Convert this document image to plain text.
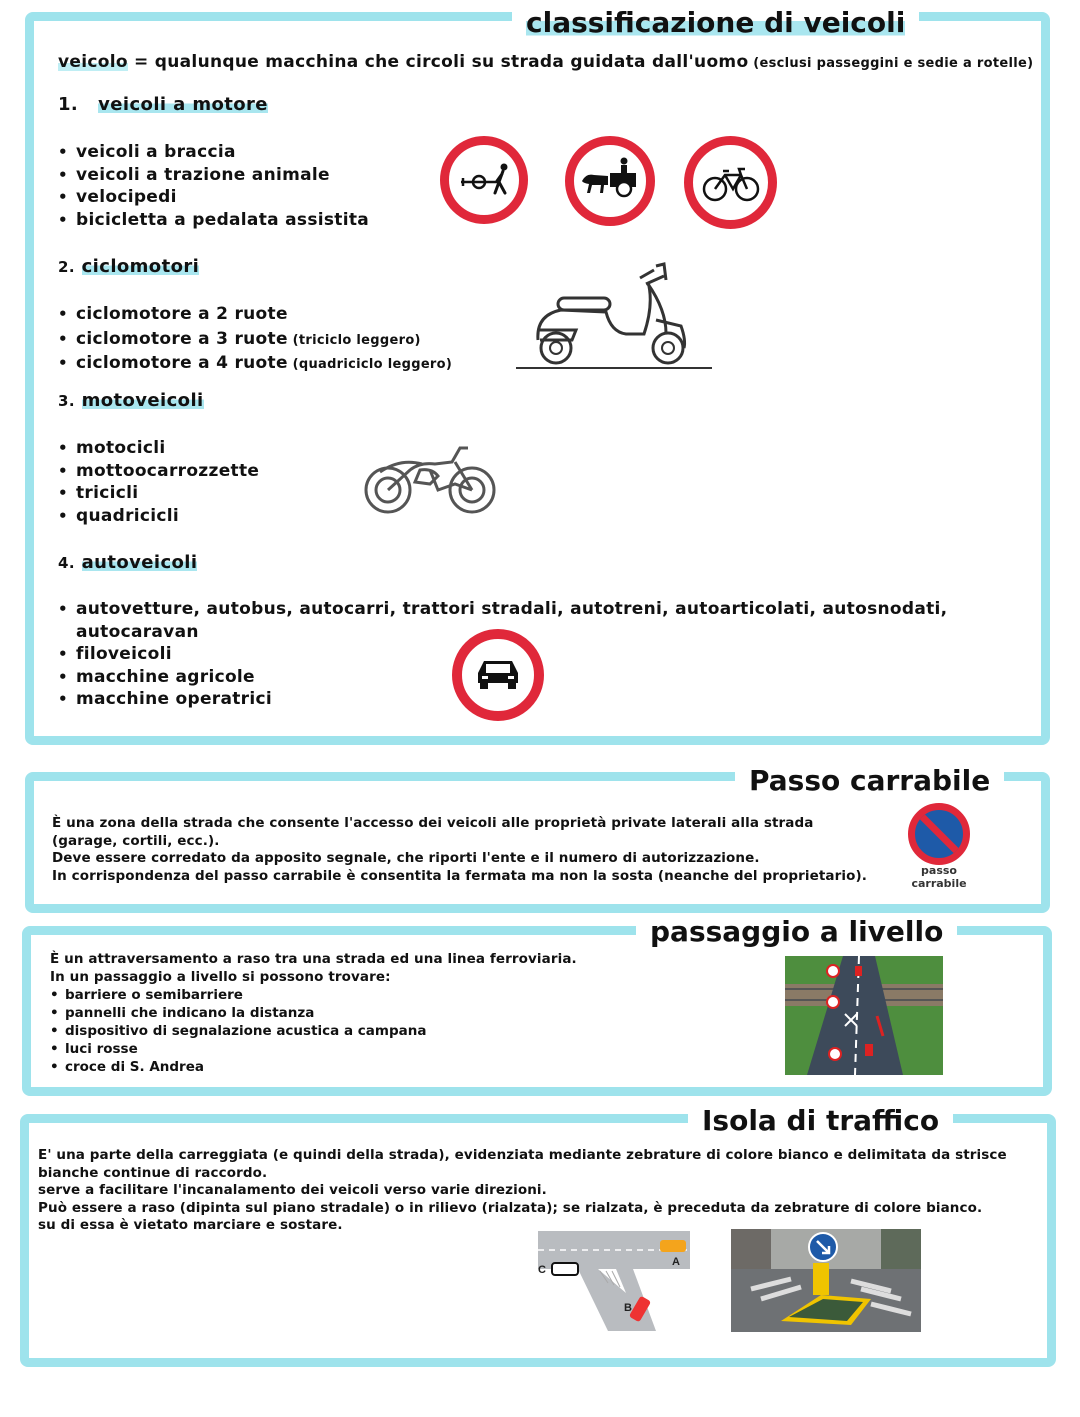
classificazione di veicoli
veicolo = qualunque macchina che circoli su strada guidata dall'uomo (esclusi passeggini e sedie a rotelle)
1. veicoli a motore
• veicoli a braccia
• veicoli a trazione animale
• velocipedi
• bicicletta a pedalata assistita
2. ciclomotori
• ciclomotore a 2 ruote
• ciclomotore a 3 ruote (triciclo leggero)
• ciclomotore a 4 ruote (quadriciclo leggero)
3. motoveicoli
• motocicli
• mottoocarrozzette
• tricicli
• quadricicli
4. autoveicoli
• autovetture, autobus, autocarri, trattori stradali, autotreni, autoarticolati, autosnodati,
autocaravan
• filoveicoli
• macchine agricole
• macchine operatrici
Passo carrabile
È una zona della strada che consente l'accesso dei veicoli alle proprietà private laterali alla strada
(garage, cortili, ecc.).
Deve essere corredato da apposito segnale, che riporti l'ente e il numero di autorizzazione.
In corrispondenza del passo carrabile è consentita la fermata ma non la sosta (neanche del proprietario).	passo
carrabile
passaggio a livello
È un attraversamento a raso tra una strada ed una linea ferroviaria.
In un passaggio a livello si possono trovare:
• barriere o semibarriere
• pannelli che indicano la distanza
• dispositivo di segnalazione acustica a campana
• luci rosse
• croce di S. Andrea
Isola di traffico
E' una parte della carreggiata (e quindi della strada), evidenziata mediante zebrature di colore bianco e delimitata da strisce
bianche continue di raccordo.
serve a facilitare l'incanalamento dei veicoli verso varie direzioni.
Può essere a raso (dipinta sul piano stradale) o in rilievo (rialzata); se rialzata, è preceduta da zebrature di colore bianco.
su di essa è vietato marciare e sostare.
A
C
B
